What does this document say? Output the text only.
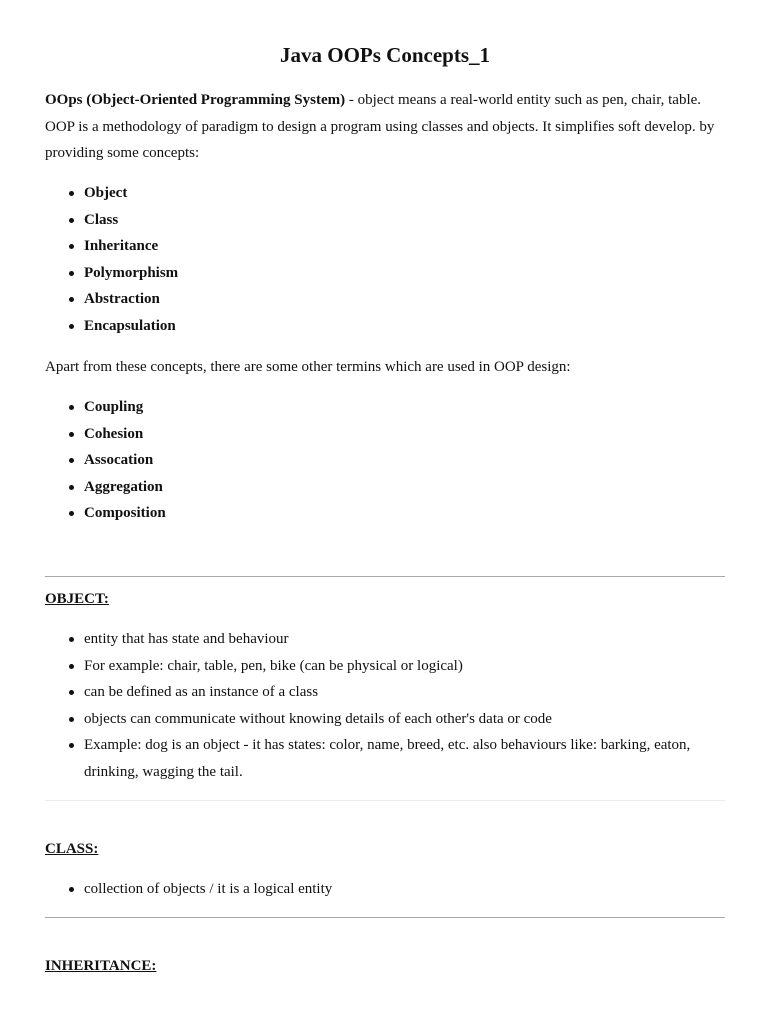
Java OOPs Concepts_1

OOps (Object-Oriented Programming System) - object means a real-world entity such as pen, chair, table. OOP is a methodology of paradigm to design a program using classes and objects. It simplifies soft develop. by providing some concepts:

Object
Class
Inheritance
Polymorphism
Abstraction
Encapsulation

Apart from these concepts, there are some other termins which are used in OOP design:

Coupling
Cohesion
Assocation
Aggregation
Composition
OBJECT:
entity that has state and behaviour
For example: chair, table, pen, bike (can be physical or logical)
can be defined as an instance of a class
objects can communicate without knowing details of each other's data or code
Example: dog is an object - it has states: color, name, breed, etc. also behaviours like: barking, eaton, drinking, wagging the tail.
CLASS:
collection of objects / it is a logical entity
INHERITANCE:
